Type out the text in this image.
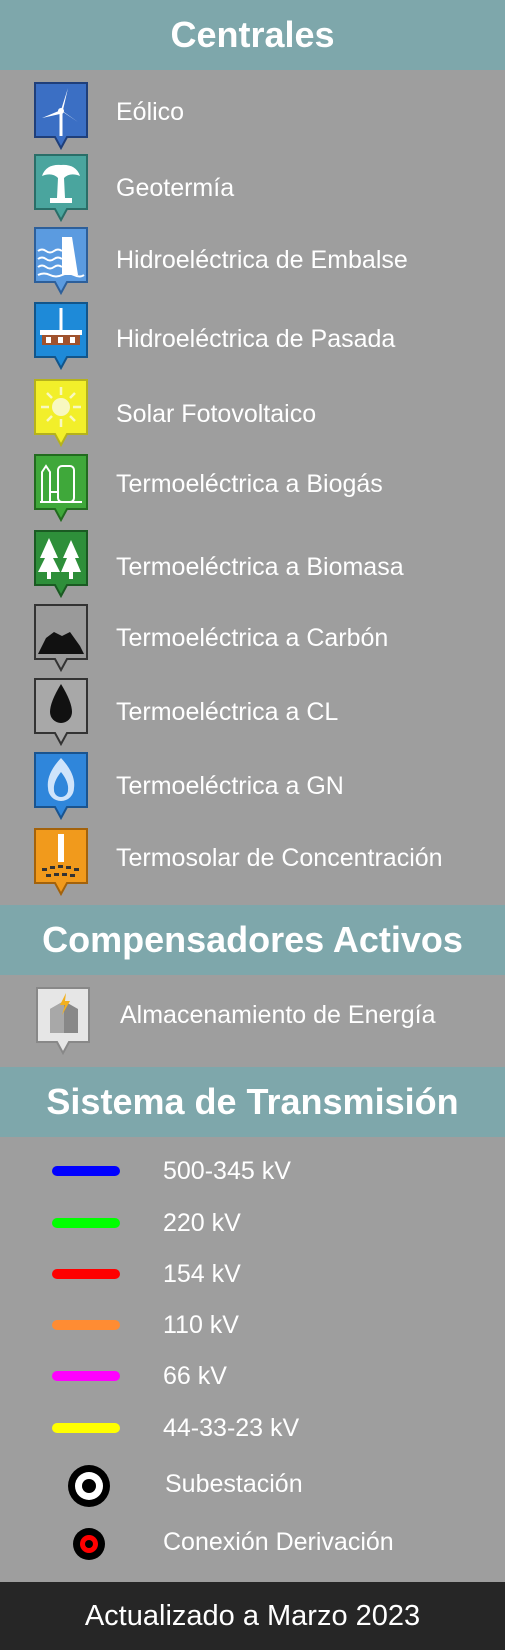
Centrales
Eólico
Geotermía
Hidroeléctrica de Embalse
Hidroeléctrica de Pasada
Solar Fotovoltaico
Termoeléctrica a Biogás
Termoeléctrica a Biomasa
Termoeléctrica a Carbón
Termoeléctrica a CL
Termoeléctrica a GN
Termosolar de Concentración
Compensadores Activos
Almacenamiento de Energía
Sistema de Transmisión
500-345 kV
220 kV
154 kV
110 kV
66 kV
44-33-23 kV
Subestación
Conexión Derivación
Actualizado a Marzo 2023
